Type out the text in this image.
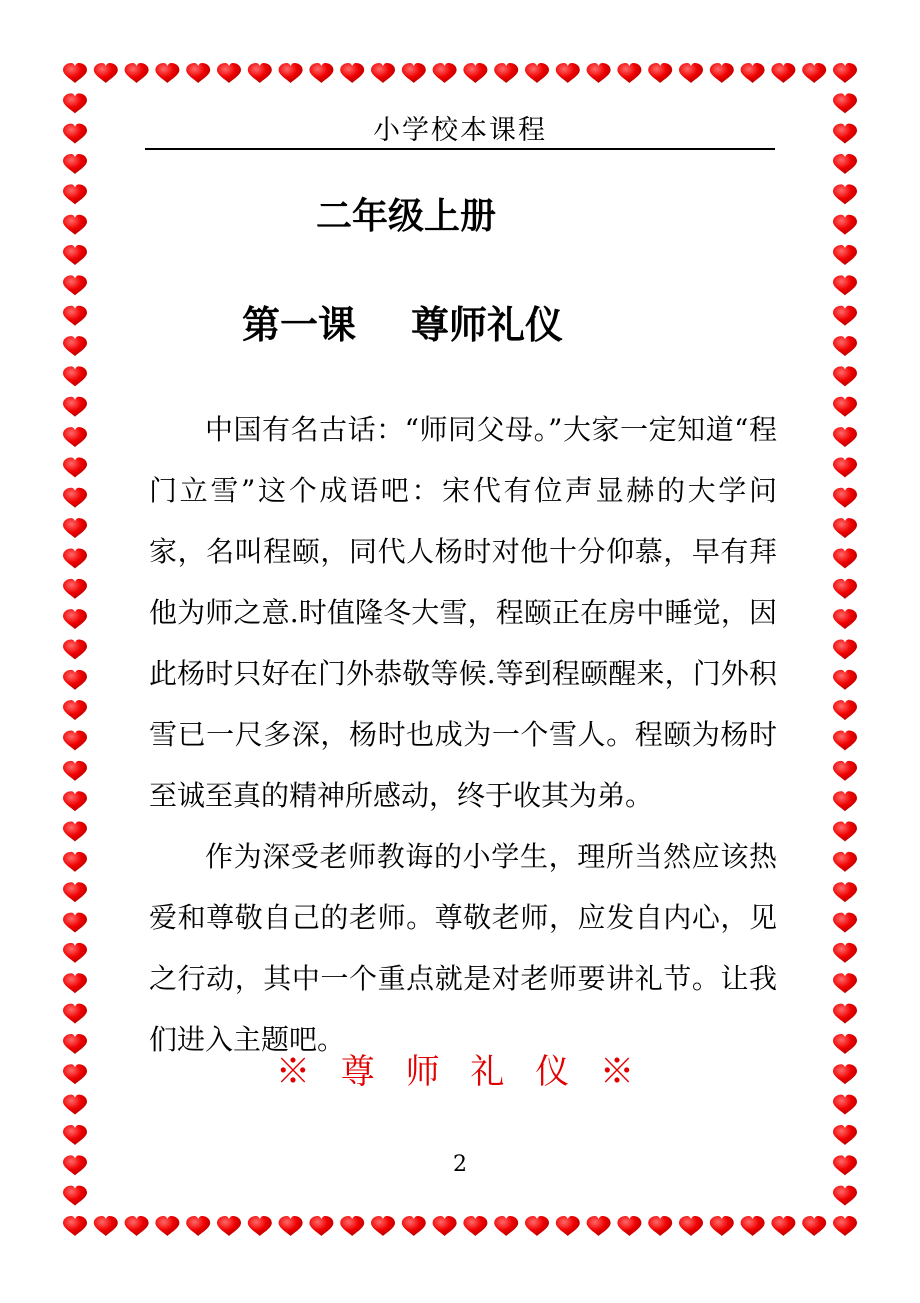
小学校本课程
二年级上册
第一课 尊师礼仪

中国有名古话：“师同父母。”大家一定知道“程门立雪”这个成语吧：宋代有位声显赫的大学问家，名叫程颐，同代人杨时对他十分仰慕，早有拜他为师之意.时值隆冬大雪，程颐正在房中睡觉，因此杨时只好在门外恭敬等候.等到程颐醒来，门外积雪已一尺多深，杨时也成为一个雪人。程颐为杨时至诚至真的精神所感动，终于收其为弟。

作为深受老师教诲的小学生，理所当然应该热爱和尊敬自己的老师。尊敬老师，应发自内心，见之行动，其中一个重点就是对老师要讲礼节。让我们进入主题吧。

※ 尊 师 礼 仪 ※
2
